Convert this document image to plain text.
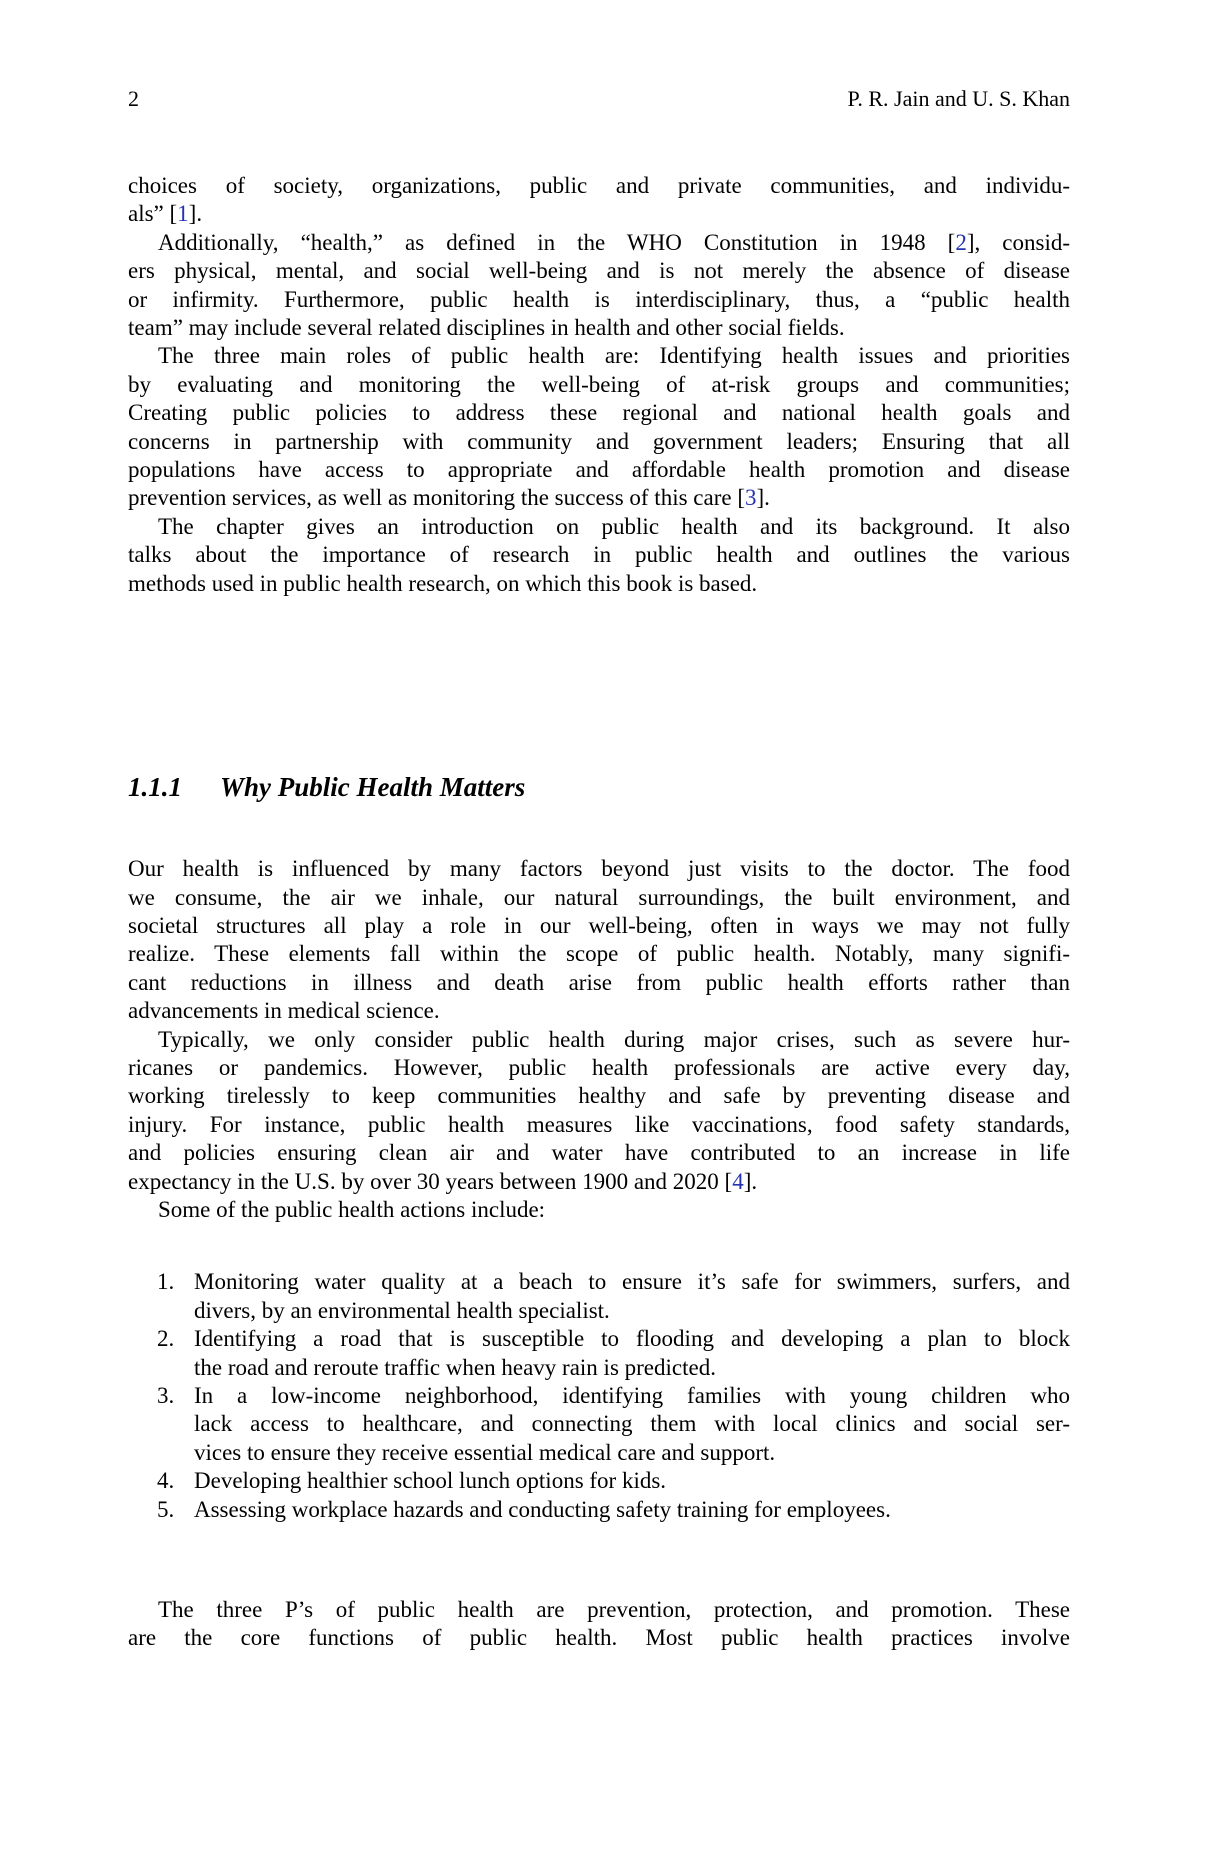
2	P. R. Jain and U. S. Khan

choices of society, organizations, public and private communities, and individu-
als” [1].

Additionally, “health,” as defined in the WHO Constitution in 1948 [2], consid-
ers physical, mental, and social well-being and is not merely the absence of disease
or infirmity. Furthermore, public health is interdisciplinary, thus, a “public health
team” may include several related disciplines in health and other social fields.

The three main roles of public health are: Identifying health issues and priorities
by evaluating and monitoring the well-being of at-risk groups and communities;
Creating public policies to address these regional and national health goals and
concerns in partnership with community and government leaders; Ensuring that all
populations have access to appropriate and affordable health promotion and disease
prevention services, as well as monitoring the success of this care [3].

The chapter gives an introduction on public health and its background. It also
talks about the importance of research in public health and outlines the various
methods used in public health research, on which this book is based.

1.1.1 Why Public Health Matters

Our health is influenced by many factors beyond just visits to the doctor. The food
we consume, the air we inhale, our natural surroundings, the built environment, and
societal structures all play a role in our well-being, often in ways we may not fully
realize. These elements fall within the scope of public health. Notably, many signifi-
cant reductions in illness and death arise from public health efforts rather than
advancements in medical science.

Typically, we only consider public health during major crises, such as severe hur-
ricanes or pandemics. However, public health professionals are active every day,
working tirelessly to keep communities healthy and safe by preventing disease and
injury. For instance, public health measures like vaccinations, food safety standards,
and policies ensuring clean air and water have contributed to an increase in life
expectancy in the U.S. by over 30 years between 1900 and 2020 [4].

Some of the public health actions include:

1. Monitoring water quality at a beach to ensure it’s safe for swimmers, surfers, and
divers, by an environmental health specialist.
2. Identifying a road that is susceptible to flooding and developing a plan to block
the road and reroute traffic when heavy rain is predicted.
3. In a low-income neighborhood, identifying families with young children who
lack access to healthcare, and connecting them with local clinics and social ser-
vices to ensure they receive essential medical care and support.
4. Developing healthier school lunch options for kids.
5. Assessing workplace hazards and conducting safety training for employees.

The three P’s of public health are prevention, protection, and promotion. These
are the core functions of public health. Most public health practices involve
